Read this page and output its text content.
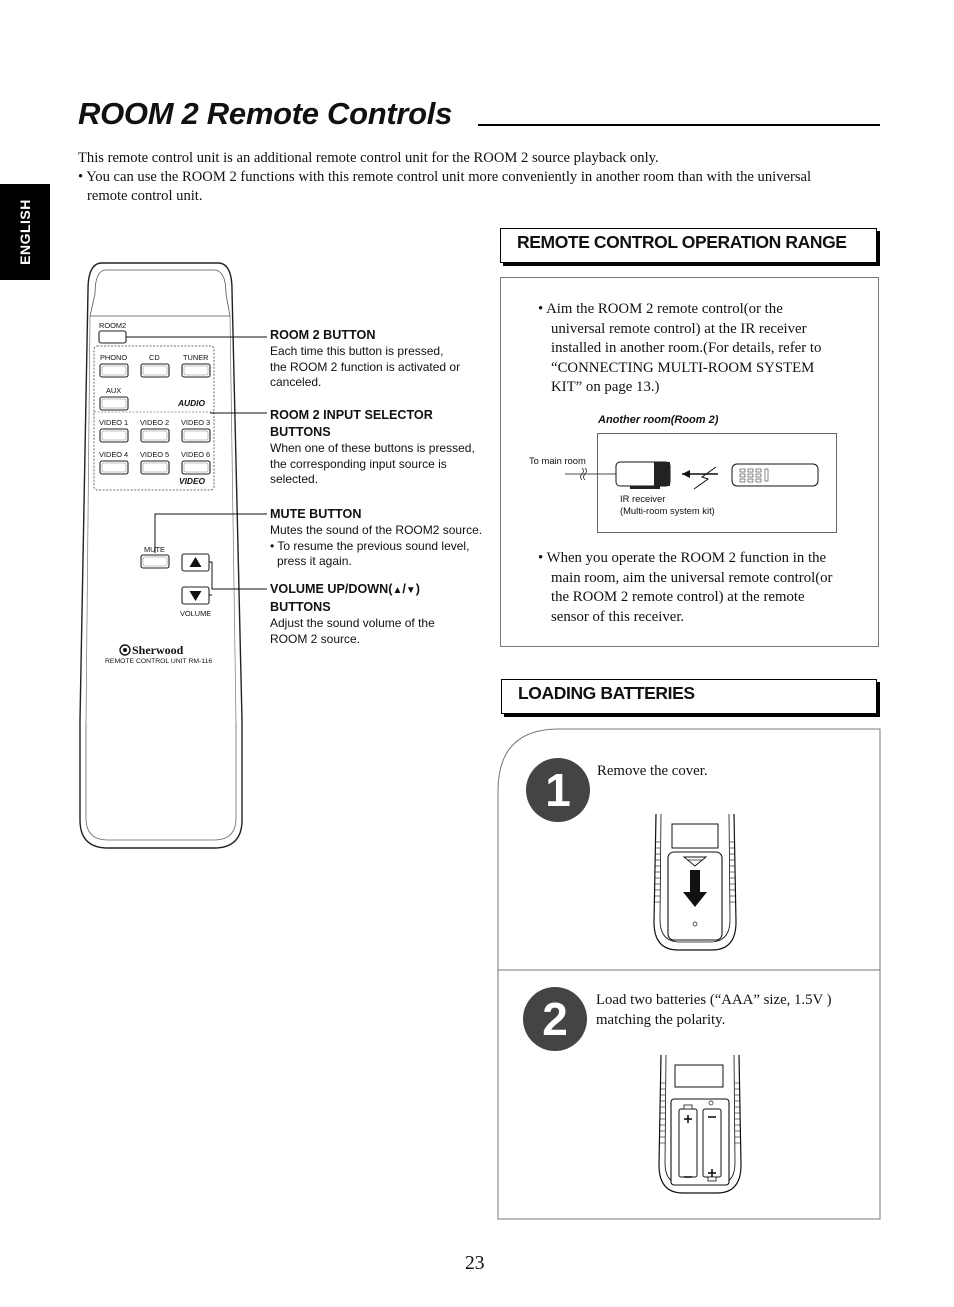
ROOM 2 Remote Controls
This remote control unit is an additional remote control unit for the ROOM 2 source playback only.
• You can use the ROOM 2 functions with this remote control unit more conveniently in another room than with the universal
remote control unit.
ENGLISH
ROOM2
PHONO	CD	TUNER
AUX
AUDIO
VIDEO 1 VIDEO 2 VIDEO 3
VIDEO 4 VIDEO 5 VIDEO 6
VIDEO
MUTE
VOLUME
Sherwood
REMOTE CONTROL UNIT RM-116
ROOM 2 BUTTON
Each time this button is pressed,
the ROOM 2 function is activated or
canceled.
ROOM 2 INPUT SELECTOR
BUTTONS
When one of these buttons is pressed,
the corresponding input source is
selected.
MUTE BUTTON
Mutes the sound of the ROOM2 source.
• To resume the previous sound level,
press it again.
VOLUME UP/DOWN(▲/▼)
BUTTONS
Adjust the sound volume of the
ROOM 2 source.
REMOTE CONTROL OPERATION RANGE
• Aim the ROOM 2 remote control(or the
universal remote control) at the IR receiver
installed in another room.(For details, refer to
“CONNECTING MULTI-ROOM SYSTEM
KIT” on page 13.)
Another room(Room 2)
To main room
IR receiver
(Multi-room system kit)
• When you operate the ROOM 2 function in the
main room, aim the universal remote control(or
the ROOM 2 remote control) at the remote
sensor of this receiver.
LOADING BATTERIES
1	Remove the cover.
2	Load two batteries (“AAA” size, 1.5V )
matching the polarity.
23
